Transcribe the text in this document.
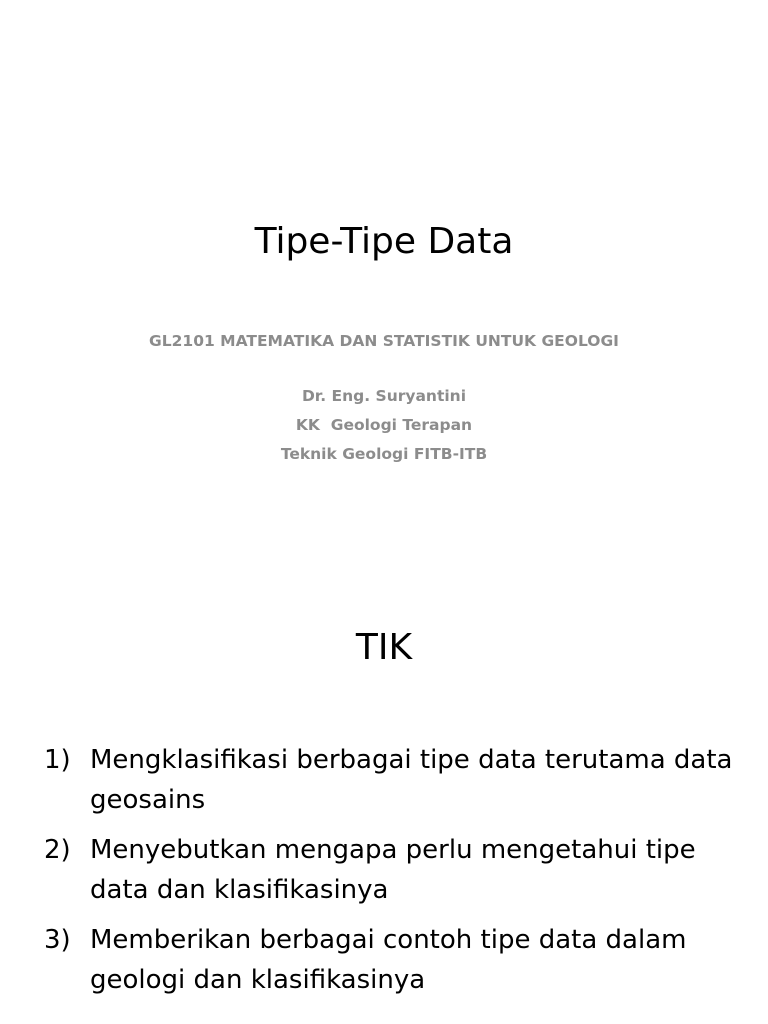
Tipe-Tipe Data
GL2101 MATEMATIKA DAN STATISTIK UNTUK GEOLOGI
Dr. Eng. Suryantini
KK  Geologi Terapan
Teknik Geologi FITB-ITB
TIK
1) Mengklasifikasi berbagai tipe data terutama data geosains
2) Menyebutkan mengapa perlu mengetahui tipe data dan klasifikasinya
3) Memberikan berbagai contoh tipe data dalam geologi dan klasifikasinya
